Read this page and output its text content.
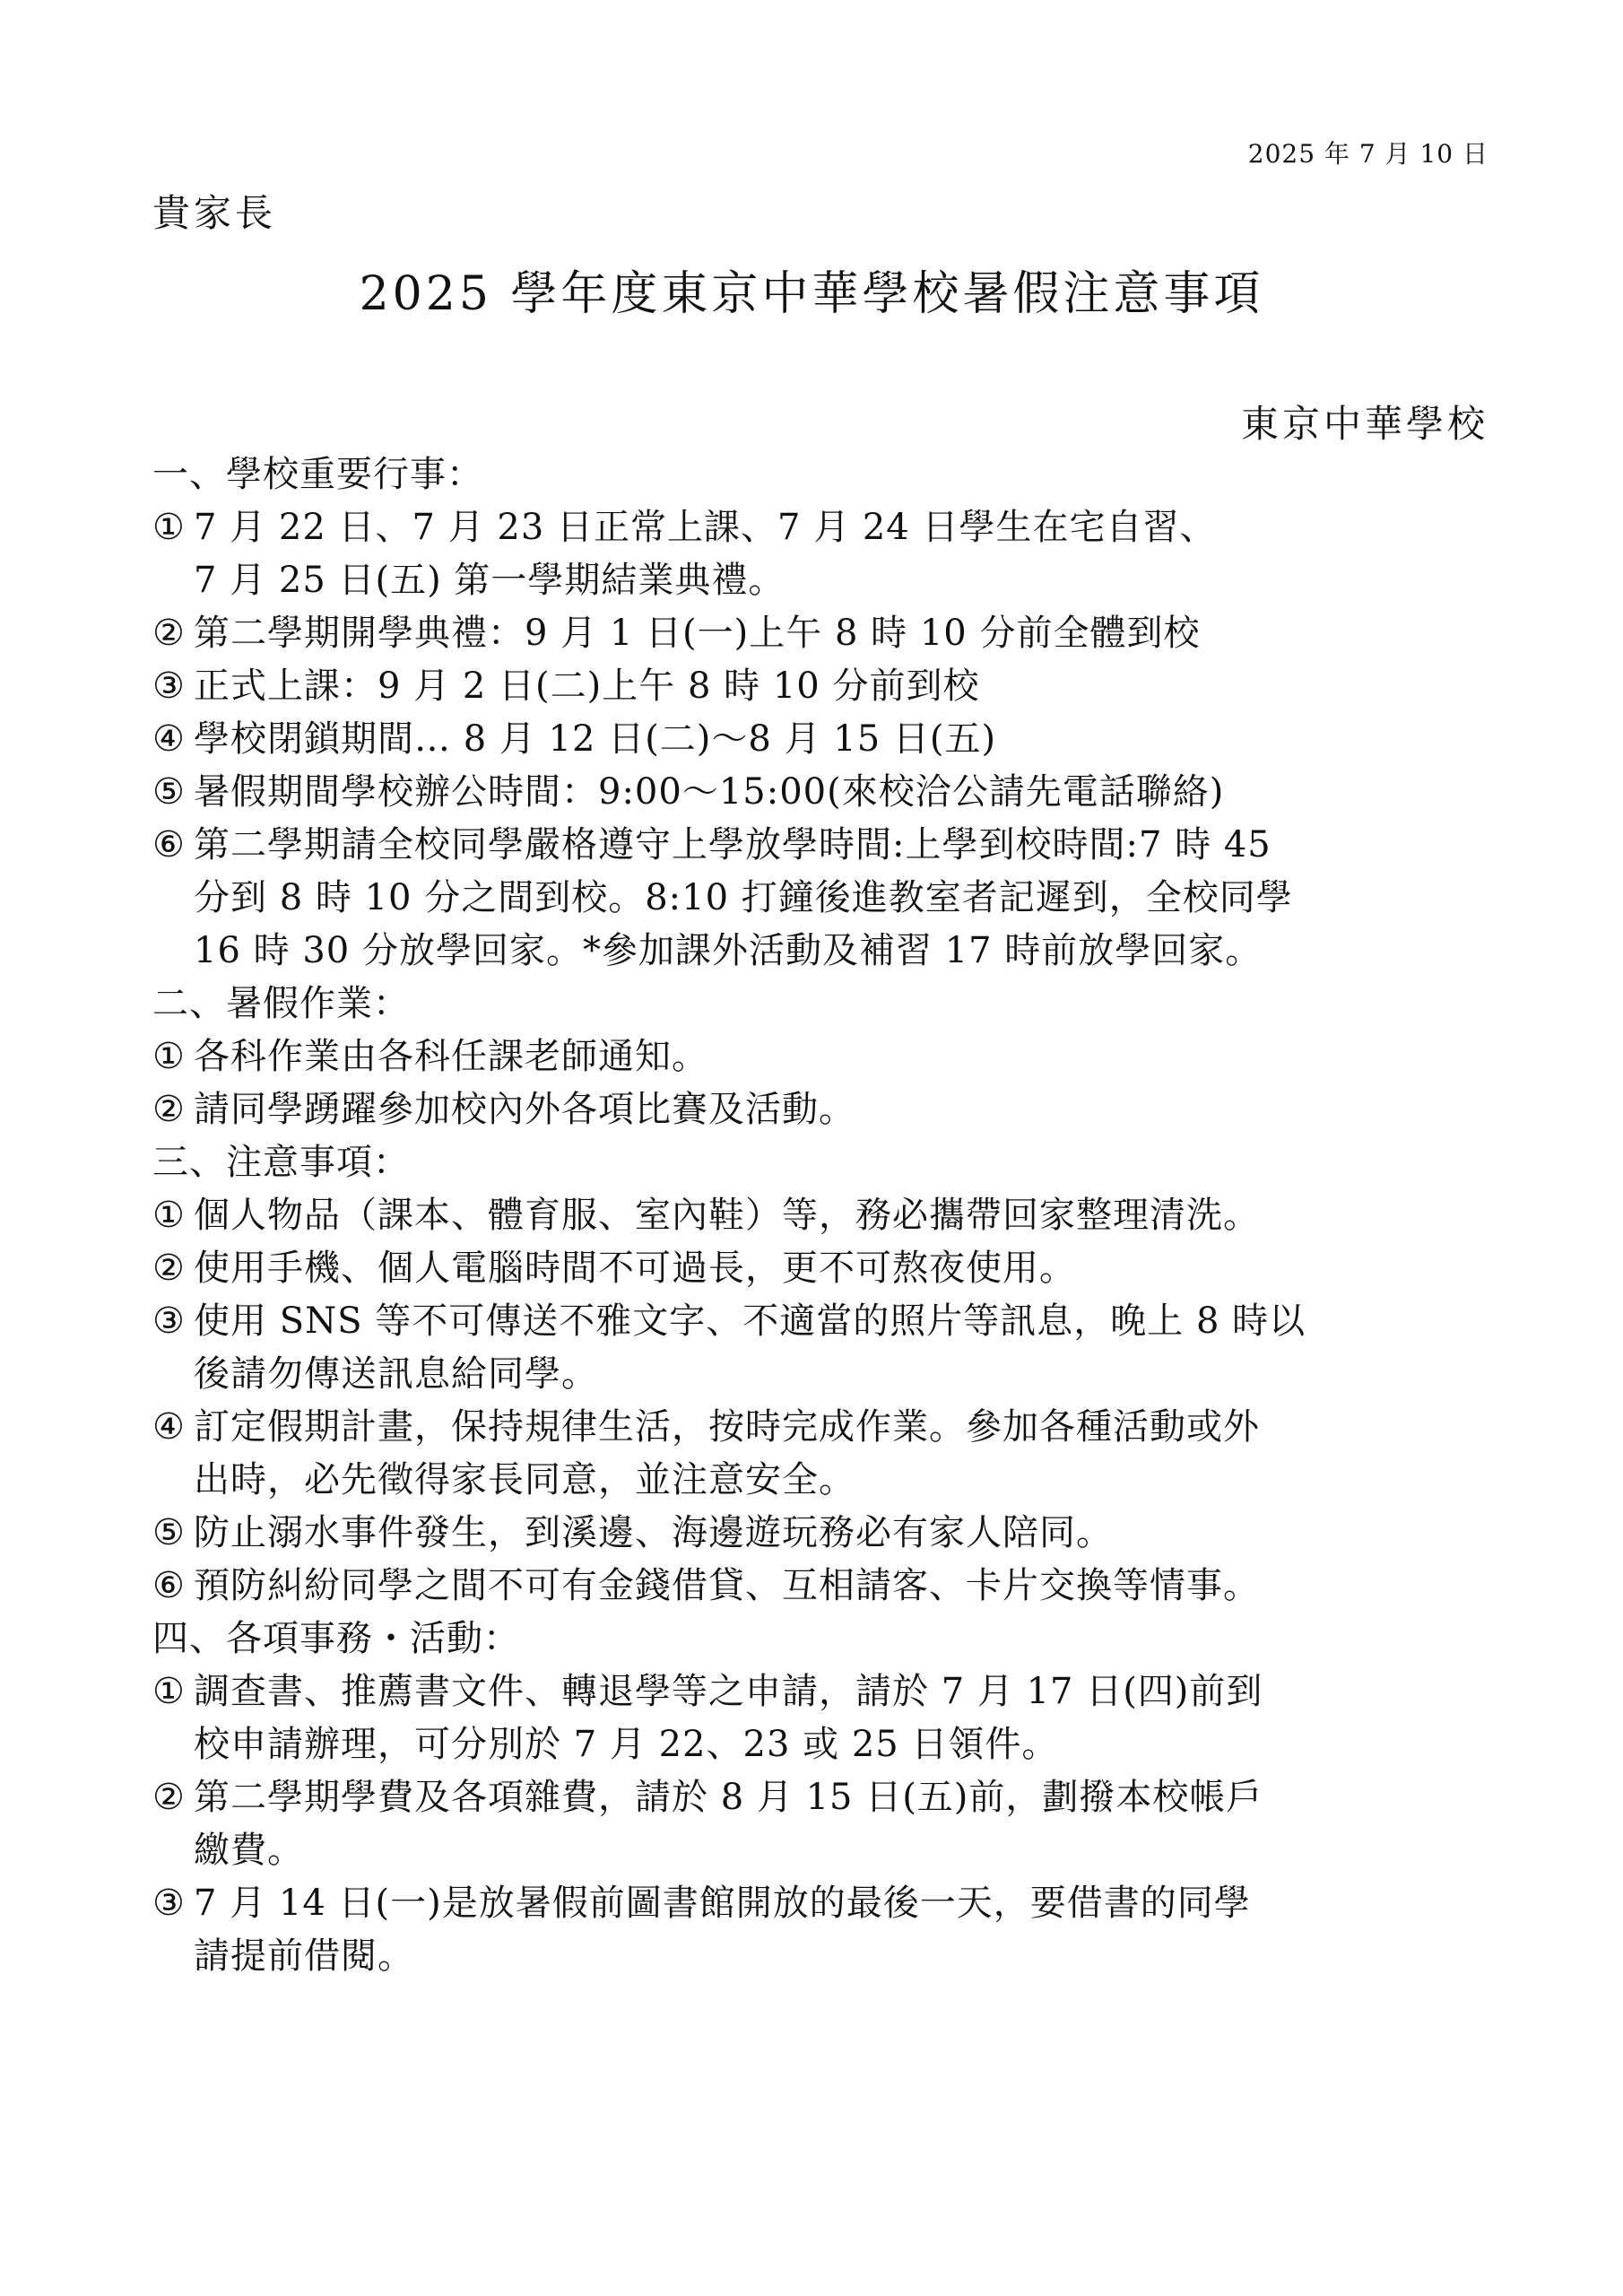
2025 年 7 月 10 日
貴家長
2025 學年度東京中華學校暑假注意事項
東京中華學校

一、學校重要行事：

① 7 月 22 日、7 月 23 日正常上課、7 月 24 日學生在宅自習、
7 月 25 日(五) 第一學期結業典禮。
② 第二學期開學典禮：9 月 1 日(一)上午 8 時 10 分前全體到校
③ 正式上課：9 月 2 日(二)上午 8 時 10 分前到校
④ 學校閉鎖期間… 8 月 12 日(二)～8 月 15 日(五)
⑤ 暑假期間學校辦公時間：9:00～15:00(來校洽公請先電話聯絡)
⑥ 第二學期請全校同學嚴格遵守上學放學時間:上學到校時間:7 時 45
分到 8 時 10 分之間到校。8:10 打鐘後進教室者記遲到，全校同學
16 時 30 分放學回家。*參加課外活動及補習 17 時前放學回家。

二、暑假作業：

① 各科作業由各科任課老師通知。
② 請同學踴躍參加校內外各項比賽及活動。

三、注意事項：

① 個人物品（課本、體育服、室內鞋）等，務必攜帶回家整理清洗。
② 使用手機、個人電腦時間不可過長，更不可熬夜使用。
③ 使用 SNS 等不可傳送不雅文字、不適當的照片等訊息，晚上 8 時以
後請勿傳送訊息給同學。
④ 訂定假期計畫，保持規律生活，按時完成作業。參加各種活動或外
出時，必先徵得家長同意，並注意安全。
⑤ 防止溺水事件發生，到溪邊、海邊遊玩務必有家人陪同。
⑥ 預防糾紛同學之間不可有金錢借貸、互相請客、卡片交換等情事。

四、各項事務・活動：

① 調查書、推薦書文件、轉退學等之申請，請於 7 月 17 日(四)前到
校申請辦理，可分別於 7 月 22、23 或 25 日領件。
② 第二學期學費及各項雜費，請於 8 月 15 日(五)前，劃撥本校帳戶
繳費。
③ 7 月 14 日(一)是放暑假前圖書館開放的最後一天，要借書的同學
請提前借閱。
